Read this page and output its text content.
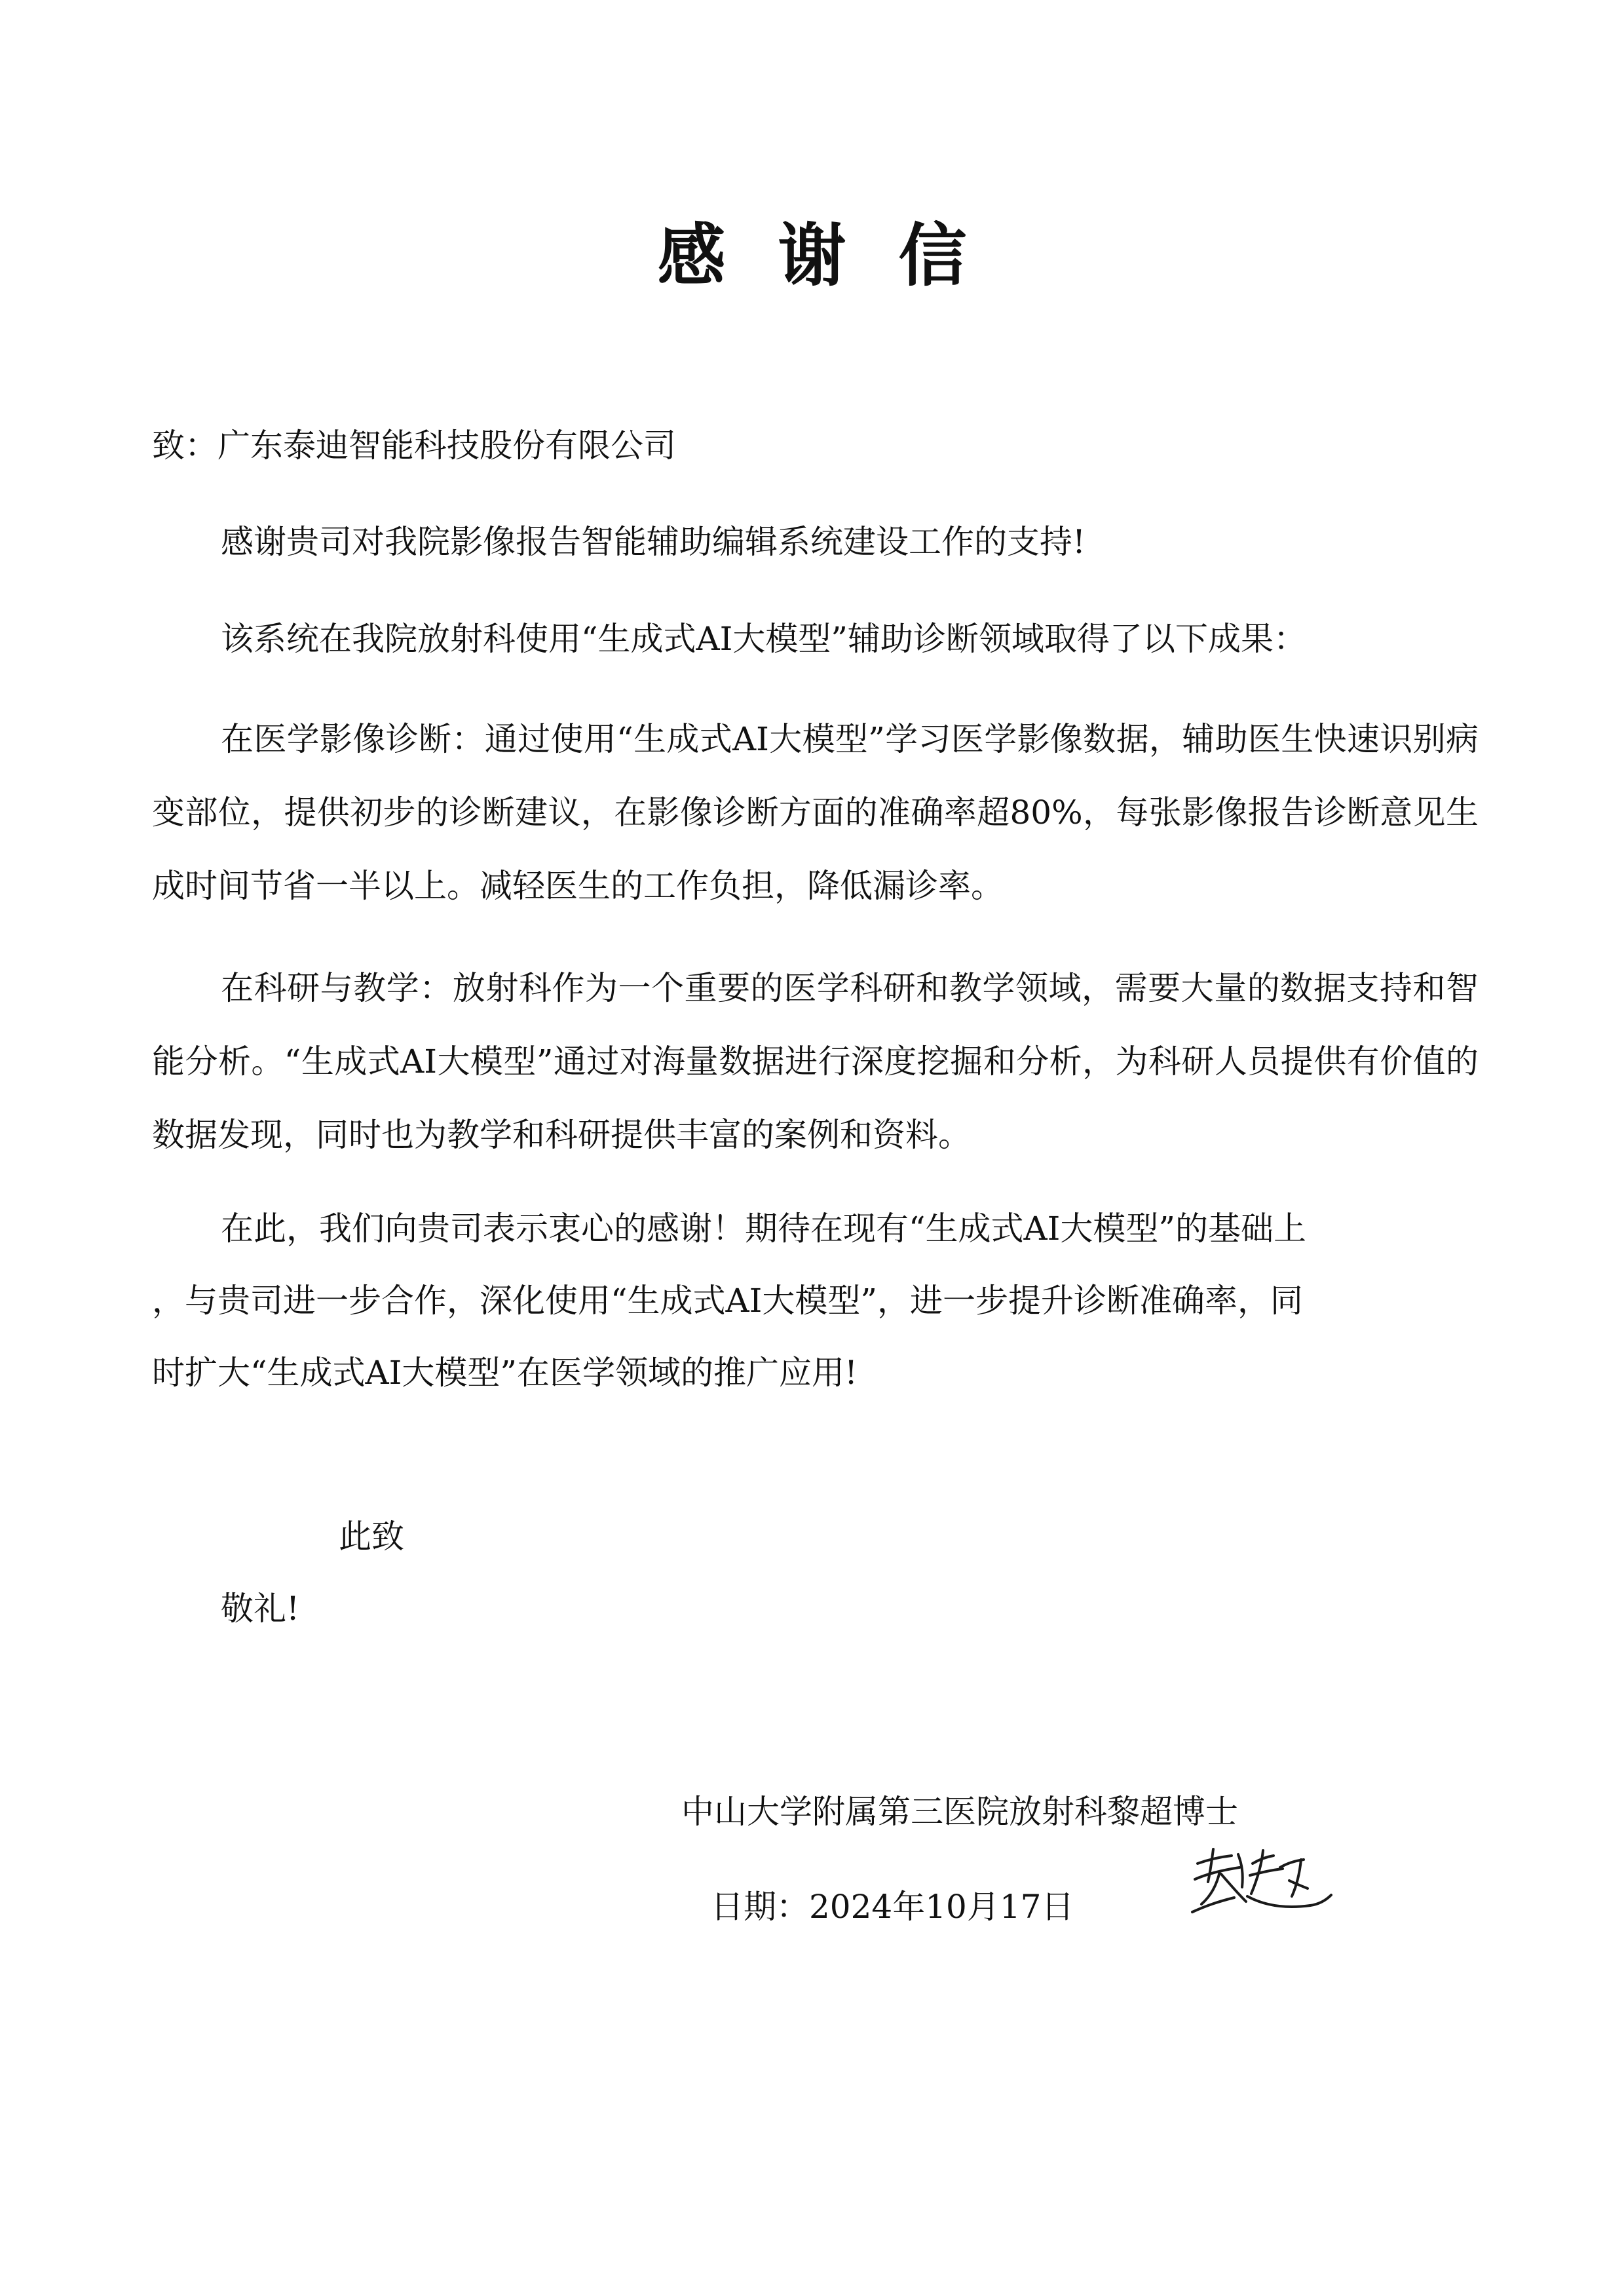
感谢信
致：广东泰迪智能科技股份有限公司
感谢贵司对我院影像报告智能辅助编辑系统建设工作的支持!
该系统在我院放射科使用“生成式AI大模型”辅助诊断领域取得了以下成果：
在医学影像诊断：通过使用“生成式AI大模型”学习医学影像数据，辅助医生快速识别病变部位，提供初步的诊断建议，在影像诊断方面的准确率超80%，每张影像报告诊断意见生成时间节省一半以上。减轻医生的工作负担，降低漏诊率。
在科研与教学：放射科作为一个重要的医学科研和教学领域，需要大量的数据支持和智能分析。“生成式AI大模型”通过对海量数据进行深度挖掘和分析，为科研人员提供有价值的数据发现，同时也为教学和科研提供丰富的案例和资料。
在此，我们向贵司表示衷心的感谢！期待在现有“生成式AI大模型”的基础上
，与贵司进一步合作，深化使用“生成式AI大模型”，进一步提升诊断准确率，同
时扩大“生成式AI大模型”在医学领域的推广应用!
此致
敬礼!
中山大学附属第三医院放射科黎超博士
日期：2024年10月17日
